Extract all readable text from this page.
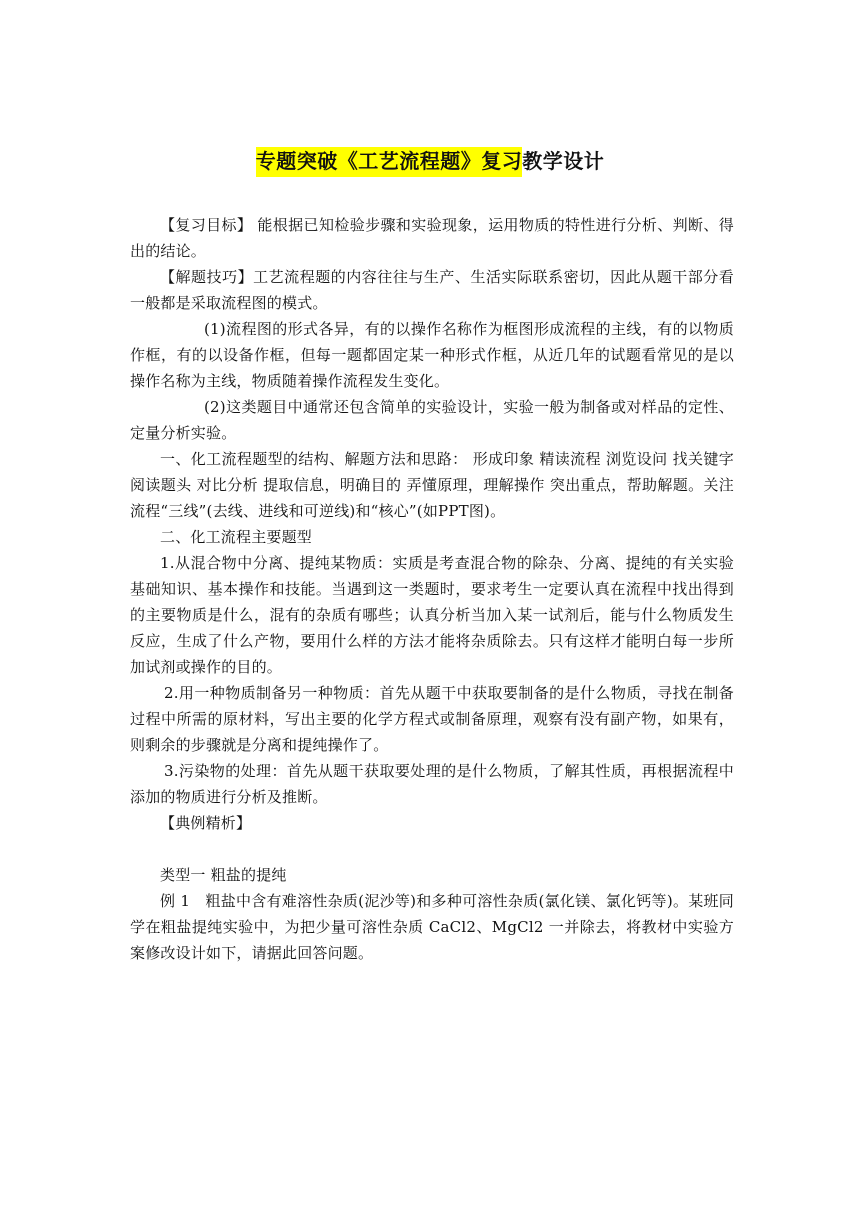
专题突破《工艺流程题》复习教学设计

【复习目标】 能根据已知检验步骤和实验现象，运用物质的特性进行分析、判断、得出的结论。

【解题技巧】工艺流程题的内容往往与生产、生活实际联系密切，因此从题干部分看一般都是采取流程图的模式。

(1)流程图的形式各异，有的以操作名称作为框图形成流程的主线，有的以物质作框，有的以设备作框，但每一题都固定某一种形式作框，从近几年的试题看常见的是以操作名称为主线，物质随着操作流程发生变化。

(2)这类题目中通常还包含简单的实验设计，实验一般为制备或对样品的定性、定量分析实验。

一、化工流程题型的结构、解题方法和思路： 形成印象 精读流程 浏览设问 找关键字 阅读题头 对比分析 提取信息，明确目的 弄懂原理，理解操作 突出重点，帮助解题。关注流程“三线”(去线、进线和可逆线)和“核心”(如PPT图)。

二、化工流程主要题型

1.从混合物中分离、提纯某物质：实质是考查混合物的除杂、分离、提纯的有关实验基础知识、基本操作和技能。当遇到这一类题时，要求考生一定要认真在流程中找出得到的主要物质是什么，混有的杂质有哪些；认真分析当加入某一试剂后，能与什么物质发生反应，生成了什么产物，要用什么样的方法才能将杂质除去。只有这样才能明白每一步所加试剂或操作的目的。

2.用一种物质制备另一种物质：首先从题干中获取要制备的是什么物质，寻找在制备过程中所需的原材料，写出主要的化学方程式或制备原理，观察有没有副产物，如果有，则剩余的步骤就是分离和提纯操作了。

3.污染物的处理：首先从题干获取要处理的是什么物质，了解其性质，再根据流程中添加的物质进行分析及推断。

【典例精析】

类型一 粗盐的提纯

例 1　粗盐中含有难溶性杂质(泥沙等)和多种可溶性杂质(氯化镁、氯化钙等)。某班同学在粗盐提纯实验中，为把少量可溶性杂质 CaCl2、MgCl2 一并除去，将教材中实验方案修改设计如下，请据此回答问题。
